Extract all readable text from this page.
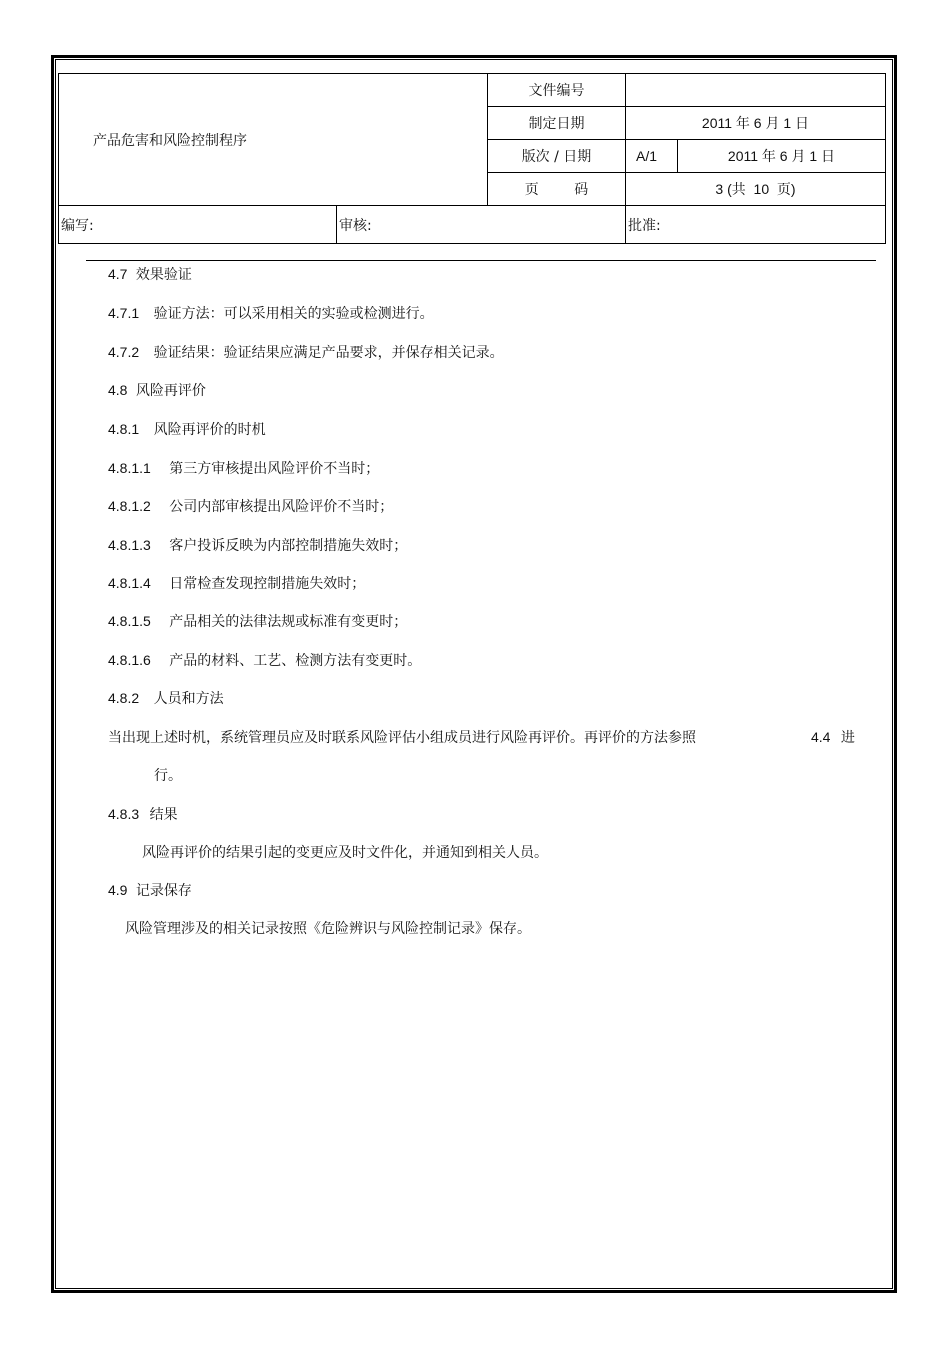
产品危害和风险控制程序		文件编号		
		制定日期	2011 年 6 月 1 日	
		版次 / 日期	A/1	2011 年 6 月 1 日
		页        码	3 (共  10  页)	
编写:	审核:		批准:	
4.7 效果验证
4.7.1 验证方法：可以采用相关的实验或检测进行。
4.7.2 验证结果：验证结果应满足产品要求，并保存相关记录。
4.8 风险再评价
4.8.1 风险再评价的时机
4.8.1.1 第三方审核提出风险评价不当时；
4.8.1.2 公司内部审核提出风险评价不当时；
4.8.1.3 客户投诉反映为内部控制措施失效时；
4.8.1.4 日常检查发现控制措施失效时；
4.8.1.5 产品相关的法律法规或标准有变更时；
4.8.1.6 产品的材料、工艺、检测方法有变更时。
4.8.2 人员和方法
当出现上述时机，系统管理员应及时联系风险评估小组成员进行风险再评价。再评价的方法参照	4.4 进
行。
4.8.3 结果
风险再评价的结果引起的变更应及时文件化，并通知到相关人员。
4.9 记录保存
风险管理涉及的相关记录按照《危险辨识与风险控制记录》保存。
